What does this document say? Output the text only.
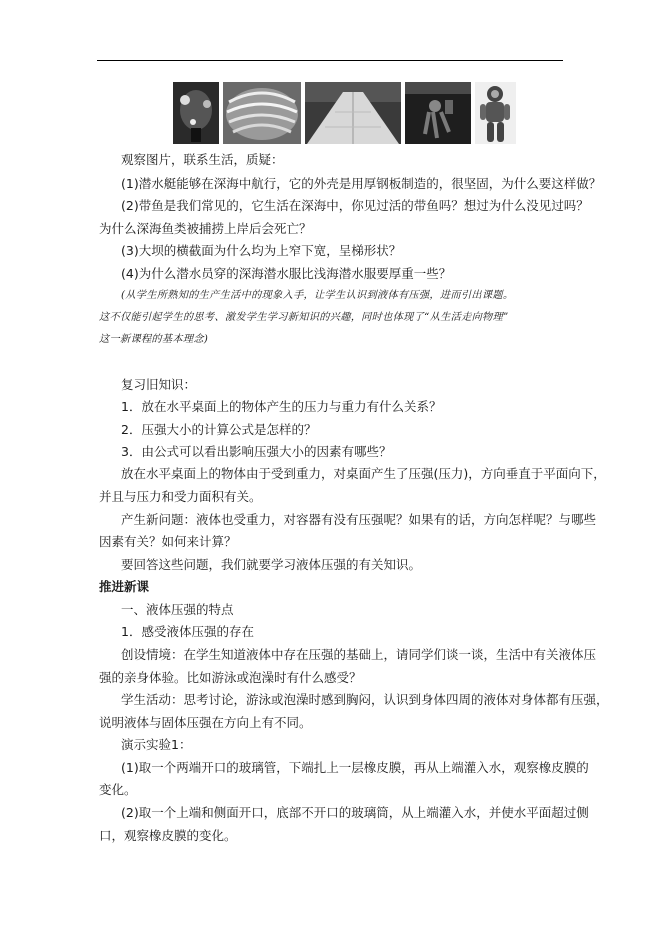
观察图片，联系生活，质疑：
(1)潜水艇能够在深海中航行，它的外壳是用厚钢板制造的，很坚固，为什么要这样做？
(2)带鱼是我们常见的，它生活在深海中，你见过活的带鱼吗？想过为什么没见过吗？
为什么深海鱼类被捕捞上岸后会死亡？
(3)大坝的横截面为什么均为上窄下宽，呈梯形状？
(4)为什么潜水员穿的深海潜水服比浅海潜水服要厚重一些？
(从学生所熟知的生产生活中的现象入手，让学生认识到液体有压强，进而引出课题。
这不仅能引起学生的思考、激发学生学习新知识的兴趣，同时也体现了“从生活走向物理”
这一新课程的基本理念)
复习旧知识：
1．放在水平桌面上的物体产生的压力与重力有什么关系？
2．压强大小的计算公式是怎样的？
3．由公式可以看出影响压强大小的因素有哪些？
放在水平桌面上的物体由于受到重力，对桌面产生了压强(压力)，方向垂直于平面向下，
并且与压力和受力面积有关。
产生新问题：液体也受重力，对容器有没有压强呢？如果有的话，方向怎样呢？与哪些
因素有关？如何来计算？
要回答这些问题，我们就要学习液体压强的有关知识。
推进新课
一、液体压强的特点
1．感受液体压强的存在
创设情境：在学生知道液体中存在压强的基础上，请同学们谈一谈，生活中有关液体压
强的亲身体验。比如游泳或泡澡时有什么感受？
学生活动：思考讨论，游泳或泡澡时感到胸闷，认识到身体四周的液体对身体都有压强，
说明液体与固体压强在方向上有不同。
演示实验1：
(1)取一个两端开口的玻璃管，下端扎上一层橡皮膜，再从上端灌入水，观察橡皮膜的
变化。
(2)取一个上端和侧面开口，底部不开口的玻璃筒，从上端灌入水，并使水平面超过侧
口，观察橡皮膜的变化。
